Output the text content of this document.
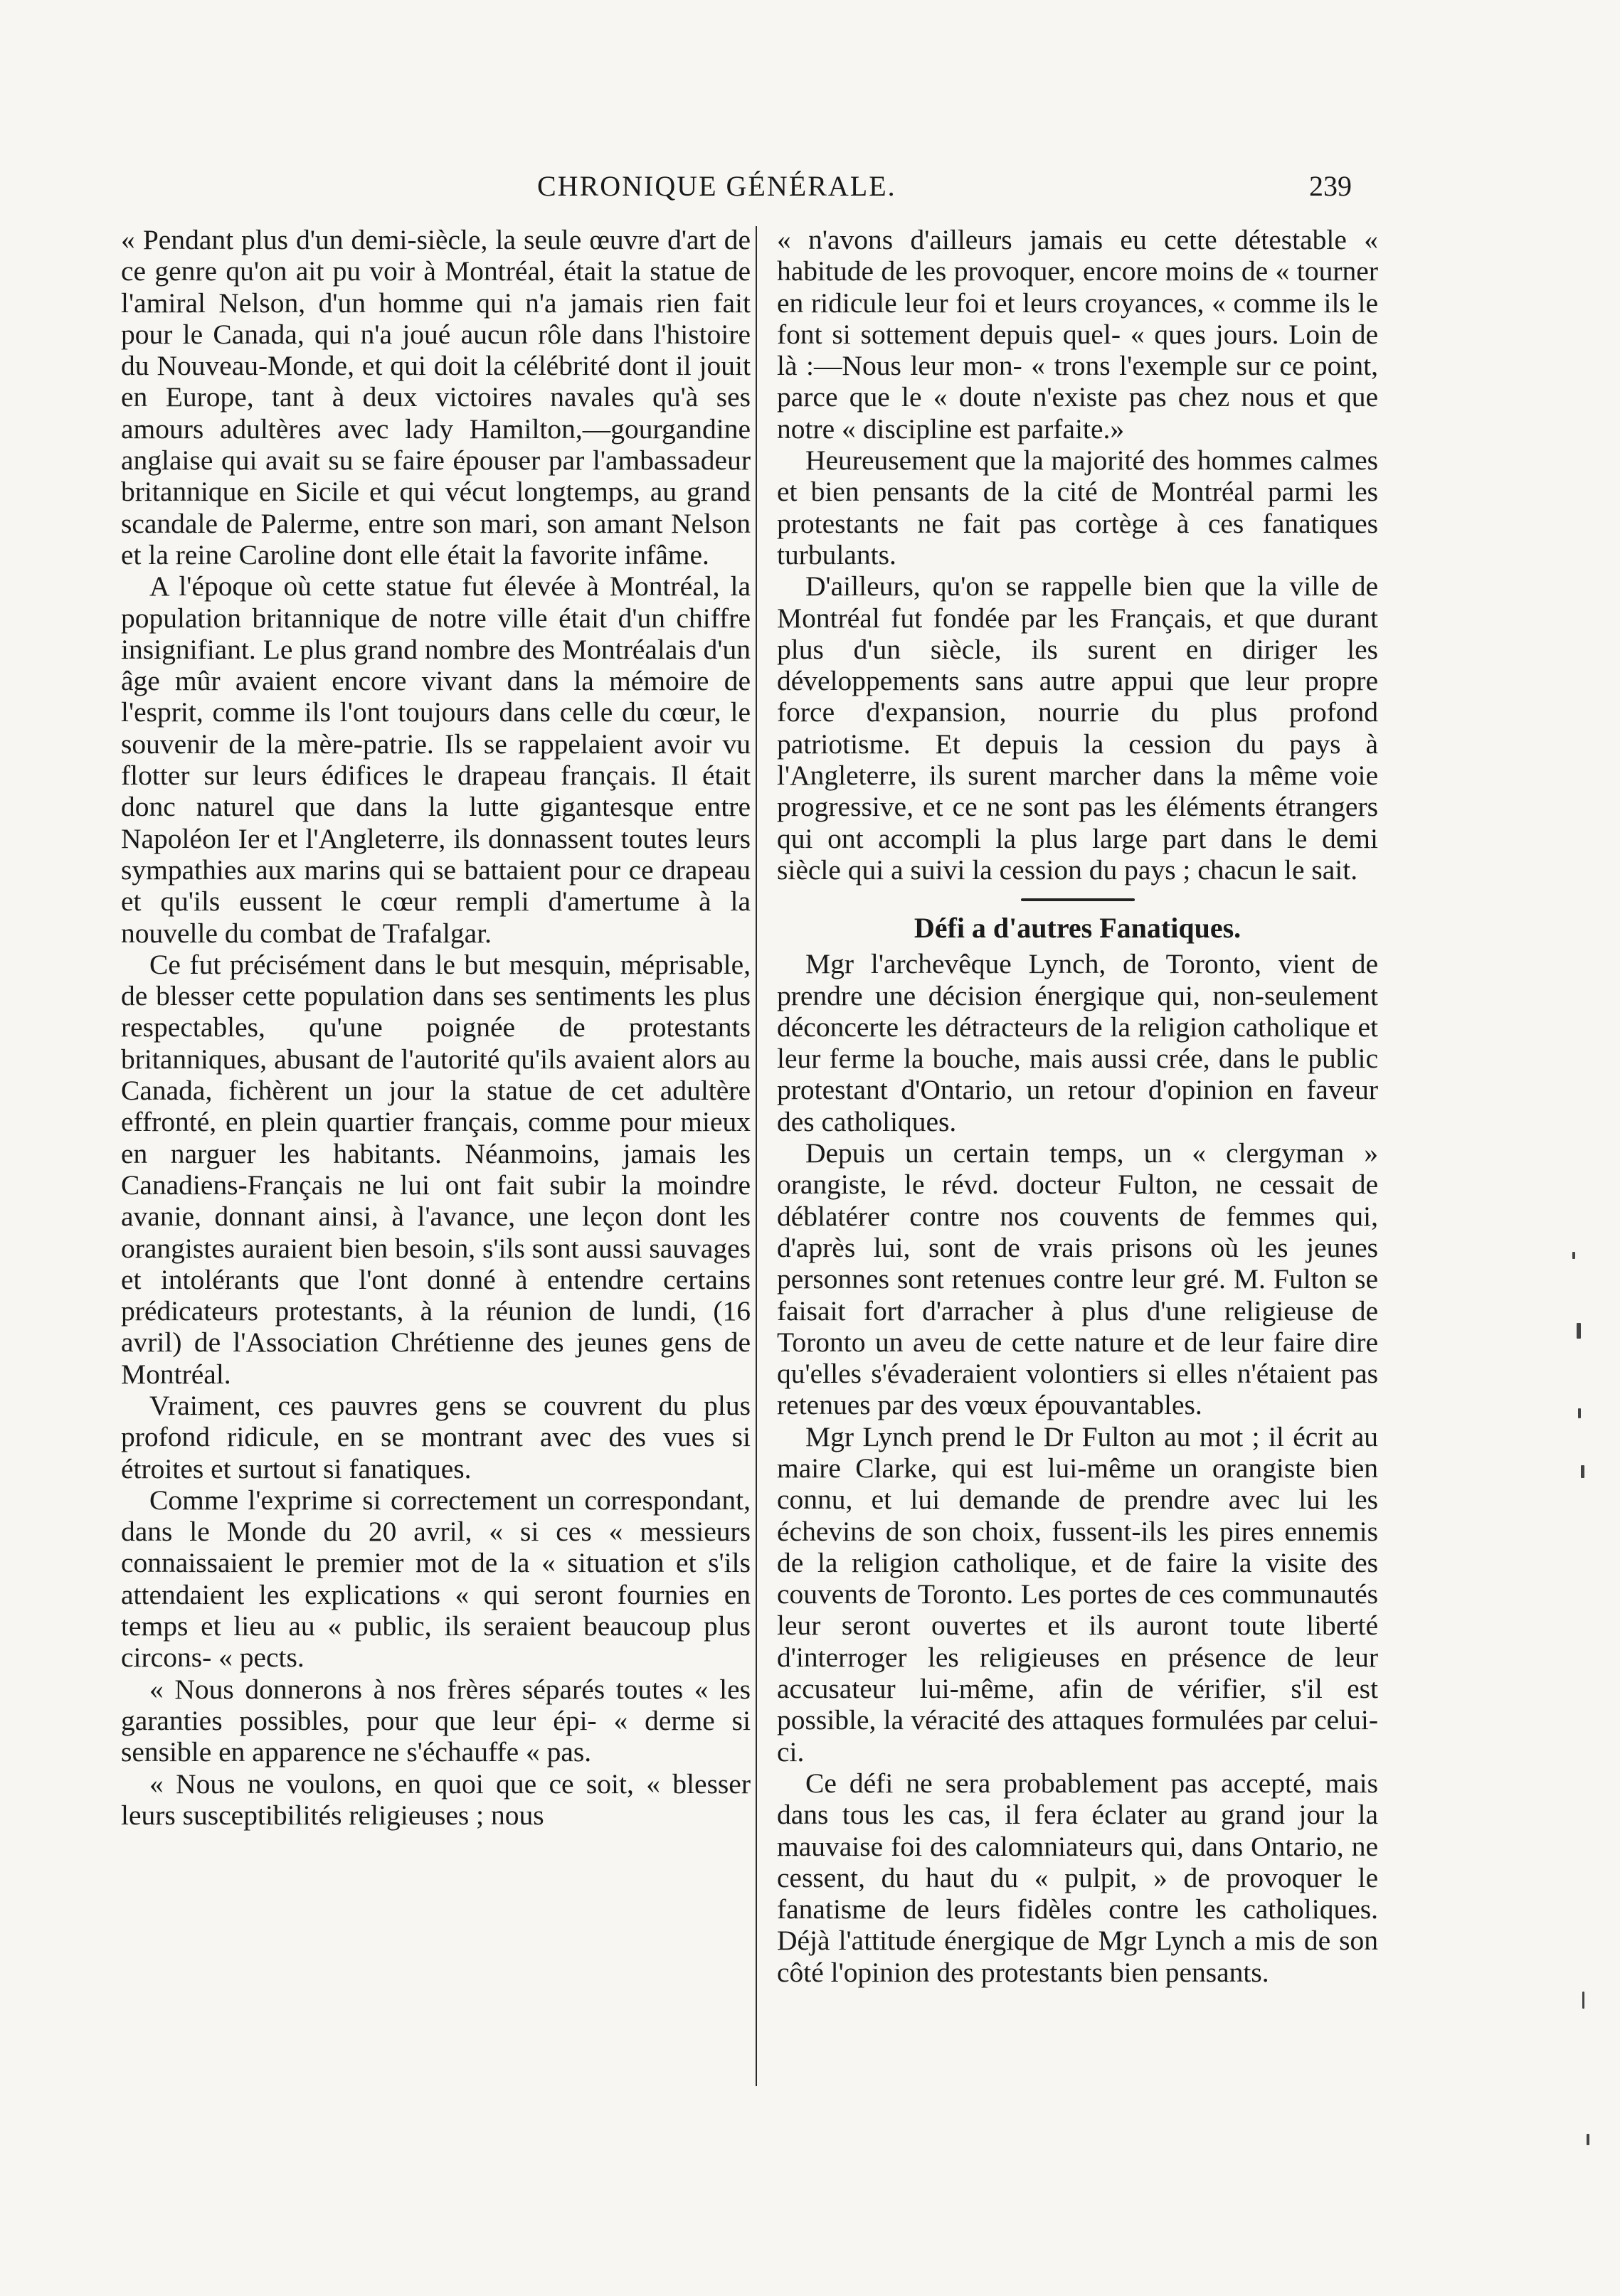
CHRONIQUE GÉNÉRALE.	239

« Pendant plus d'un demi-siècle, la seule œuvre d'art de ce genre qu'on ait pu voir à Montréal, était la statue de l'amiral Nelson, d'un homme qui n'a jamais rien fait pour le Canada, qui n'a joué aucun rôle dans l'histoire du Nouveau-Monde, et qui doit la célébrité dont il jouit en Europe, tant à deux victoires navales qu'à ses amours adultères avec lady Hamilton,—gourgandine anglaise qui avait su se faire épouser par l'ambassadeur britannique en Sicile et qui vécut longtemps, au grand scandale de Palerme, entre son mari, son amant Nelson et la reine Caroline dont elle était la favorite infâme.

A l'époque où cette statue fut élevée à Montréal, la population britannique de notre ville était d'un chiffre insignifiant. Le plus grand nombre des Montréalais d'un âge mûr avaient encore vivant dans la mémoire de l'esprit, comme ils l'ont toujours dans celle du cœur, le souvenir de la mère-patrie. Ils se rappelaient avoir vu flotter sur leurs édifices le drapeau français. Il était donc naturel que dans la lutte gigantesque entre Napoléon Ier et l'Angleterre, ils donnassent toutes leurs sympathies aux marins qui se battaient pour ce drapeau et qu'ils eussent le cœur rempli d'amertume à la nouvelle du combat de Trafalgar.

Ce fut précisément dans le but mesquin, méprisable, de blesser cette population dans ses sentiments les plus respectables, qu'une poignée de protestants britanniques, abusant de l'autorité qu'ils avaient alors au Canada, fichèrent un jour la statue de cet adultère effronté, en plein quartier français, comme pour mieux en narguer les habitants. Néanmoins, jamais les Canadiens-Français ne lui ont fait subir la moindre avanie, donnant ainsi, à l'avance, une leçon dont les orangistes auraient bien besoin, s'ils sont aussi sauvages et intolérants que l'ont donné à entendre certains prédicateurs protestants, à la réunion de lundi, (16 avril) de l'Association Chrétienne des jeunes gens de Montréal.

Vraiment, ces pauvres gens se couvrent du plus profond ridicule, en se montrant avec des vues si étroites et surtout si fanatiques.

Comme l'exprime si correctement un correspondant, dans le Monde du 20 avril, « si ces « messieurs connaissaient le premier mot de la « situation et s'ils attendaient les explications « qui seront fournies en temps et lieu au « public, ils seraient beaucoup plus circons- « pects.

« Nous donnerons à nos frères séparés toutes « les garanties possibles, pour que leur épi- « derme si sensible en apparence ne s'échauffe « pas.

« Nous ne voulons, en quoi que ce soit, « blesser leurs susceptibilités religieuses ; nous

« n'avons d'ailleurs jamais eu cette détestable « habitude de les provoquer, encore moins de « tourner en ridicule leur foi et leurs croyances, « comme ils le font si sottement depuis quel- « ques jours. Loin de là :—Nous leur mon- « trons l'exemple sur ce point, parce que le « doute n'existe pas chez nous et que notre « discipline est parfaite.»

Heureusement que la majorité des hommes calmes et bien pensants de la cité de Montréal parmi les protestants ne fait pas cortège à ces fanatiques turbulants.

D'ailleurs, qu'on se rappelle bien que la ville de Montréal fut fondée par les Français, et que durant plus d'un siècle, ils surent en diriger les développements sans autre appui que leur propre force d'expansion, nourrie du plus profond patriotisme. Et depuis la cession du pays à l'Angleterre, ils surent marcher dans la même voie progressive, et ce ne sont pas les éléments étrangers qui ont accompli la plus large part dans le demi siècle qui a suivi la cession du pays ; chacun le sait.

Défi a d'autres Fanatiques.

Mgr l'archevêque Lynch, de Toronto, vient de prendre une décision énergique qui, non-seulement déconcerte les détracteurs de la religion catholique et leur ferme la bouche, mais aussi crée, dans le public protestant d'Ontario, un retour d'opinion en faveur des catholiques.

Depuis un certain temps, un « clergyman » orangiste, le révd. docteur Fulton, ne cessait de déblatérer contre nos couvents de femmes qui, d'après lui, sont de vrais prisons où les jeunes personnes sont retenues contre leur gré. M. Fulton se faisait fort d'arracher à plus d'une religieuse de Toronto un aveu de cette nature et de leur faire dire qu'elles s'évaderaient volontiers si elles n'étaient pas retenues par des vœux épouvantables.

Mgr Lynch prend le Dr Fulton au mot ; il écrit au maire Clarke, qui est lui-même un orangiste bien connu, et lui demande de prendre avec lui les échevins de son choix, fussent-ils les pires ennemis de la religion catholique, et de faire la visite des couvents de Toronto. Les portes de ces communautés leur seront ouvertes et ils auront toute liberté d'interroger les religieuses en présence de leur accusateur lui-même, afin de vérifier, s'il est possible, la véracité des attaques formulées par celui-ci.

Ce défi ne sera probablement pas accepté, mais dans tous les cas, il fera éclater au grand jour la mauvaise foi des calomniateurs qui, dans Ontario, ne cessent, du haut du « pulpit, » de provoquer le fanatisme de leurs fidèles contre les catholiques. Déjà l'attitude énergique de Mgr Lynch a mis de son côté l'opinion des protestants bien pensants.
